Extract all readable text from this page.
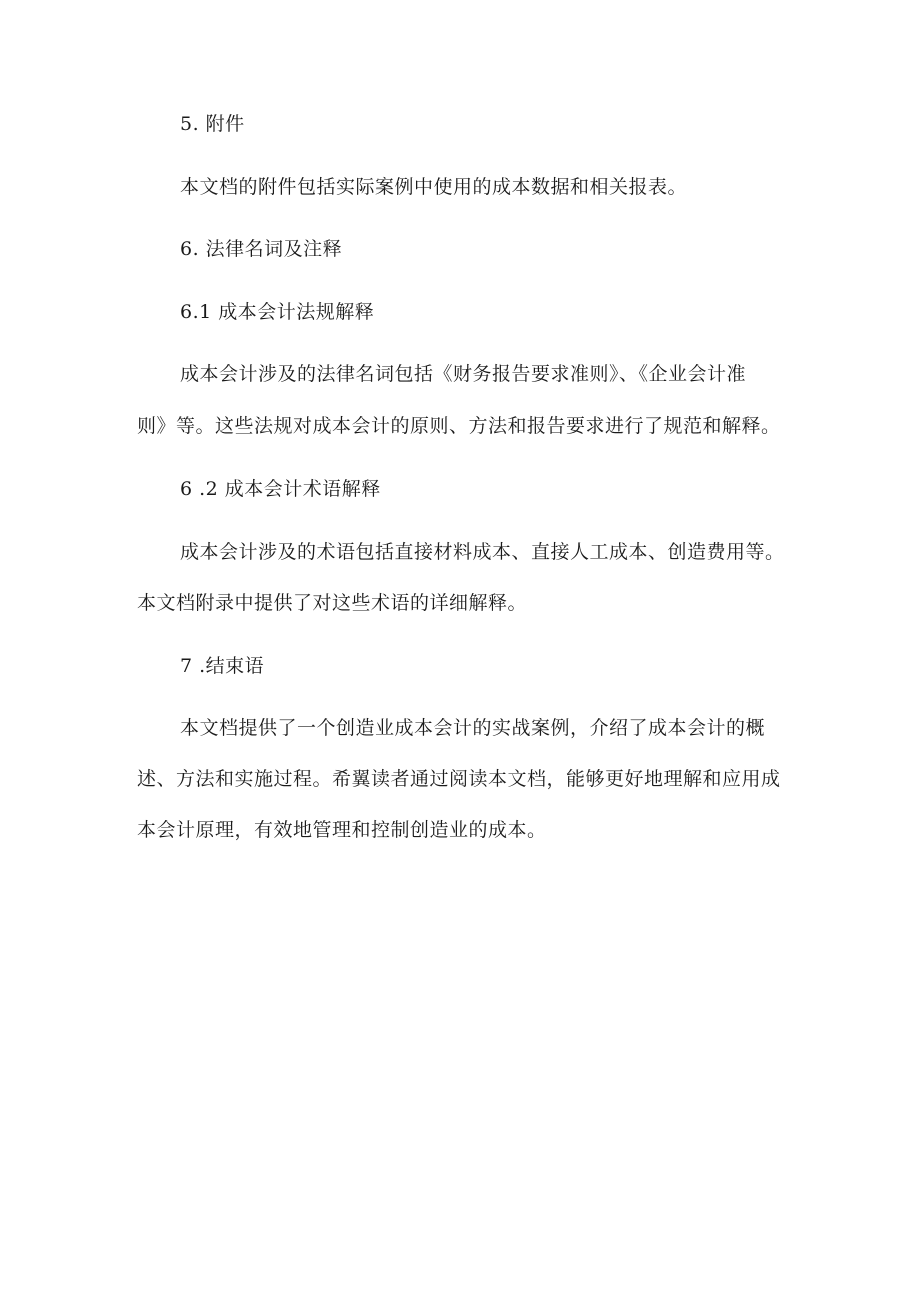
5. 附件
本文档的附件包括实际案例中使用的成本数据和相关报表。
6. 法律名词及注释
6.1 成本会计法规解释
成本会计涉及的法律名词包括《财务报告要求准则》、《企业会计准
则》等。这些法规对成本会计的原则、方法和报告要求进行了规范和解释。
6 .2 成本会计术语解释
成本会计涉及的术语包括直接材料成本、直接人工成本、创造费用等。
本文档附录中提供了对这些术语的详细解释。
7 .结束语
本文档提供了一个创造业成本会计的实战案例，介绍了成本会计的概
述、方法和实施过程。希翼读者通过阅读本文档，能够更好地理解和应用成
本会计原理，有效地管理和控制创造业的成本。
